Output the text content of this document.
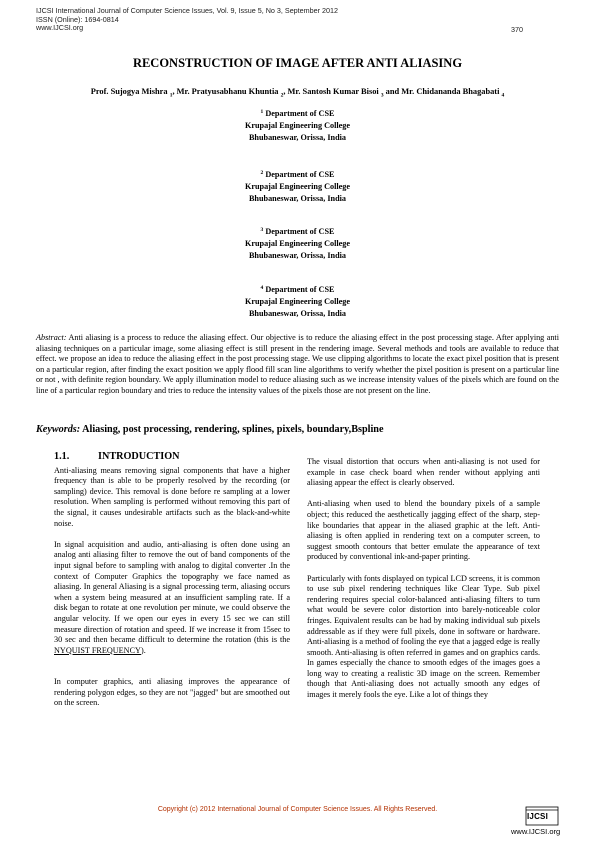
IJCSI International Journal of Computer Science Issues, Vol. 9, Issue 5, No 3, September 2012
ISSN (Online): 1694-0814
www.IJCSI.org	370
RECONSTRUCTION OF IMAGE AFTER ANTI ALIASING
Prof. Sujogya Mishra $_1$, Mr. Pratyusabhanu Khuntia $_2$, Mr. Santosh Kumar Bisoi $_3$ and Mr. Chidananda Bhagabati $_4$
$^1$ Department of CSE
Krupajal Engineering College
Bhubaneswar, Orissa, India
$^2$ Department of CSE
Krupajal Engineering College
Bhubaneswar, Orissa, India
$^3$ Department of CSE
Krupajal Engineering College
Bhubaneswar, Orissa, India
$^4$ Department of CSE
Krupajal Engineering College
Bhubaneswar, Orissa, India
Abstract: Anti aliasing is a process to reduce the aliasing effect. Our objective is to reduce the aliasing effect in the post processing stage. After applying anti aliasing techniques on a particular image, some aliasing effect is still present in the rendering image. Several methods and tools are available to reduce that effect. we propose an idea to reduce the aliasing effect in the post processing stage. We use clipping algorithms to locate the exact pixel position that is present on a particular region, after finding the exact position we apply flood fill scan line algorithms to verify whether the pixel position is present on a particular line or not , with definite region boundary. We apply illumination model to reduce aliasing such as we increase intensity values of the pixels which are found on the line of a particular region boundary and tries to reduce the intensity values of the pixels those are not present on the line.
Keywords: Aliasing, post processing, rendering, splines, pixels, boundary,Bspline
1.1.	INTRODUCTION

Anti-aliasing means removing signal components that have a higher frequency than is able to be properly resolved by the recording (or sampling) device. This removal is done before re sampling at a lower resolution. When sampling is performed without removing this part of the signal, it causes undesirable artifacts such as the black-and-white noise.

In signal acquisition and audio, anti-aliasing is often done using an analog anti aliasing filter to remove the out of band components of the input signal before to sampling with analog to digital converter .In the context of Computer Graphics the topography we face named as aliasing. In general Aliasing is a signal processing term, aliasing occurs when a system being measured at an insufficient sampling rate. If a disk began to rotate at one revolution per minute, we could observe the angular velocity. If we open our eyes in every 15 sec we can still measure direction of rotation and speed. If we increase it from 15sec to 30 sec and then became difficult to determine the rotation (this is the NYQUIST FREQUENCY).

In computer graphics, anti aliasing improves the appearance of rendering polygon edges, so they are not "jagged" but are smoothed out on the screen.

The visual distortion that occurs when anti-aliasing is not used for example in case check board when render without applying anti aliasing appear the effect is clearly observed.

Anti-aliasing when used to blend the boundary pixels of a sample object; this reduced the aesthetically jagging effect of the sharp, step-like boundaries that appear in the aliased graphic at the left. Anti-aliasing is often applied in rendering text on a computer screen, to suggest smooth contours that better emulate the appearance of text produced by conventional ink-and-paper printing.

Particularly with fonts displayed on typical LCD screens, it is common to use sub pixel rendering techniques like Clear Type. Sub pixel rendering requires special color-balanced anti-aliasing filters to turn what would be severe color distortion into barely-noticeable color fringes. Equivalent results can be had by making individual sub pixels addressable as if they were full pixels, done in software or hardware. Anti-aliasing is a method of fooling the eye that a jagged edge is really smooth. Anti-aliasing is often referred in games and on graphics cards. In games especially the chance to smooth edges of the images goes a long way to creating a realistic 3D image on the screen. Remember though that Anti-aliasing does not actually smooth any edges of images it merely fools the eye. Like a lot of things they

Copyright (c) 2012 International Journal of Computer Science Issues. All Rights Reserved.
IJCSI
www.IJCSI.org
